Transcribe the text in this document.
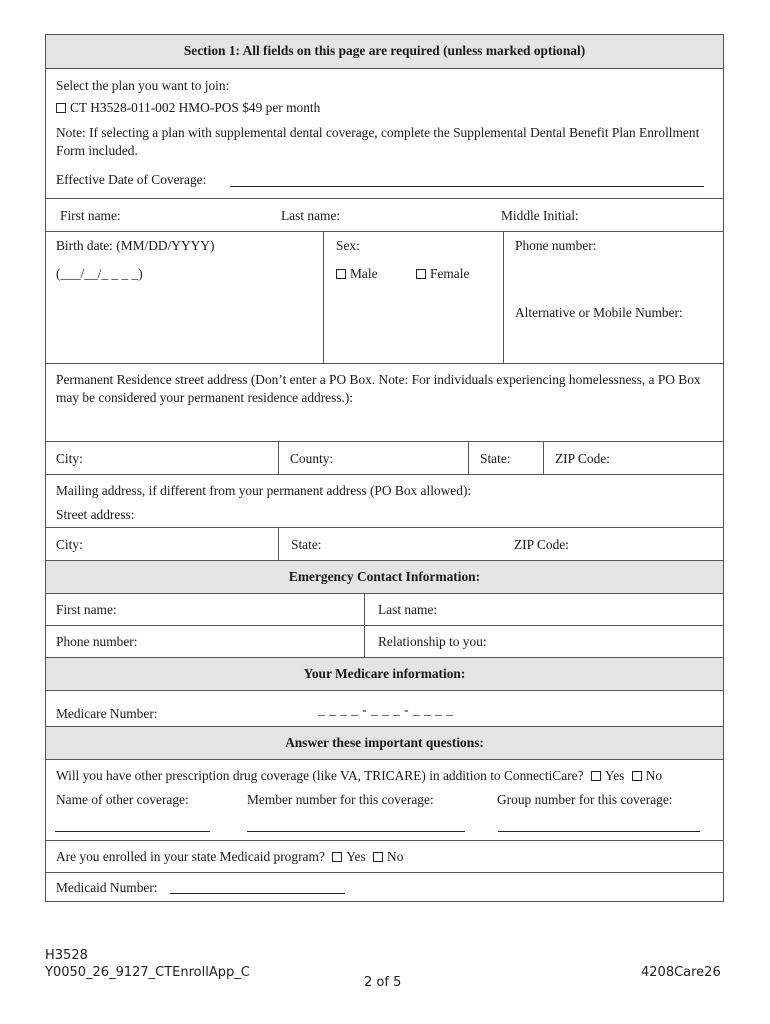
Section 1: All fields on this page are required (unless marked optional)
Select the plan you want to join:
CT H3528-011-002 HMO-POS $49 per month
Note: If selecting a plan with supplemental dental coverage, complete the Supplemental Dental Benefit Plan Enrollment Form included.
Effective Date of Coverage:
First name:	Last name:	Middle Initial:
Birth date: (MM/DD/YYYY)
(___/__/_ _ _ _)
Sex:
Male	Female
Phone number:
Alternative or Mobile Number:
Permanent Residence street address (Don’t enter a PO Box. Note: For individuals experiencing homelessness, a PO Box may be considered your permanent residence address.):
City:	County:	State:	ZIP Code:
Mailing address, if different from your permanent address (PO Box allowed):
Street address:
City:	State:	ZIP Code:
Emergency Contact Information:
First name:	Last name:
Phone number:	Relationship to you:
Your Medicare information:
Medicare Number:	_ _ _ _ - _ _ _ - _ _ _ _
Answer these important questions:
Will you have other prescription drug coverage (like VA, TRICARE) in addition to ConnectiCare? Yes No
Name of other coverage:	Member number for this coverage:	Group number for this coverage:
Are you enrolled in your state Medicaid program? Yes No
Medicaid Number:
H3528
Y0050_26_9127_CTEnrollApp_C
2 of 5
4208Care26
